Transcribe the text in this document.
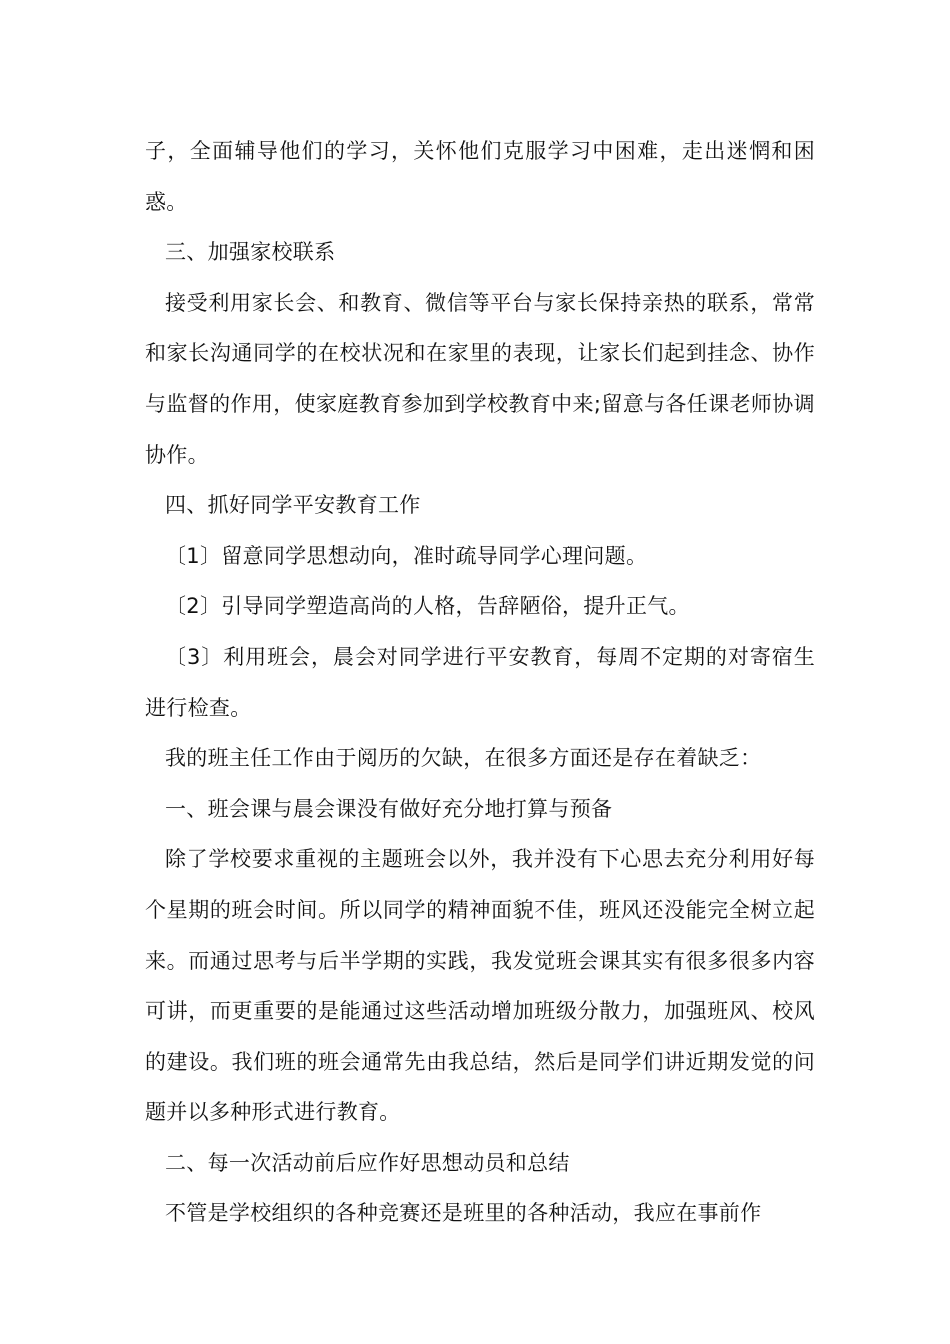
子，全面辅导他们的学习，关怀他们克服学习中困难，走出迷惘和困惑。

三、加强家校联系

接受利用家长会、和教育、微信等平台与家长保持亲热的联系，常常和家长沟通同学的在校状况和在家里的表现，让家长们起到挂念、协作与监督的作用，使家庭教育参加到学校教育中来;留意与各任课老师协调协作。

四、抓好同学平安教育工作

〔1〕留意同学思想动向，准时疏导同学心理问题。

〔2〕引导同学塑造高尚的人格，告辞陋俗，提升正气。

〔3〕利用班会，晨会对同学进行平安教育，每周不定期的对寄宿生进行检查。

我的班主任工作由于阅历的欠缺，在很多方面还是存在着缺乏：

一、班会课与晨会课没有做好充分地打算与预备

除了学校要求重视的主题班会以外，我并没有下心思去充分利用好每个星期的班会时间。所以同学的精神面貌不佳，班风还没能完全树立起来。而通过思考与后半学期的实践，我发觉班会课其实有很多很多内容可讲，而更重要的是能通过这些活动增加班级分散力，加强班风、校风的建设。我们班的班会通常先由我总结，然后是同学们讲近期发觉的问题并以多种形式进行教育。

二、每一次活动前后应作好思想动员和总结

不管是学校组织的各种竞赛还是班里的各种活动，我应在事前作
